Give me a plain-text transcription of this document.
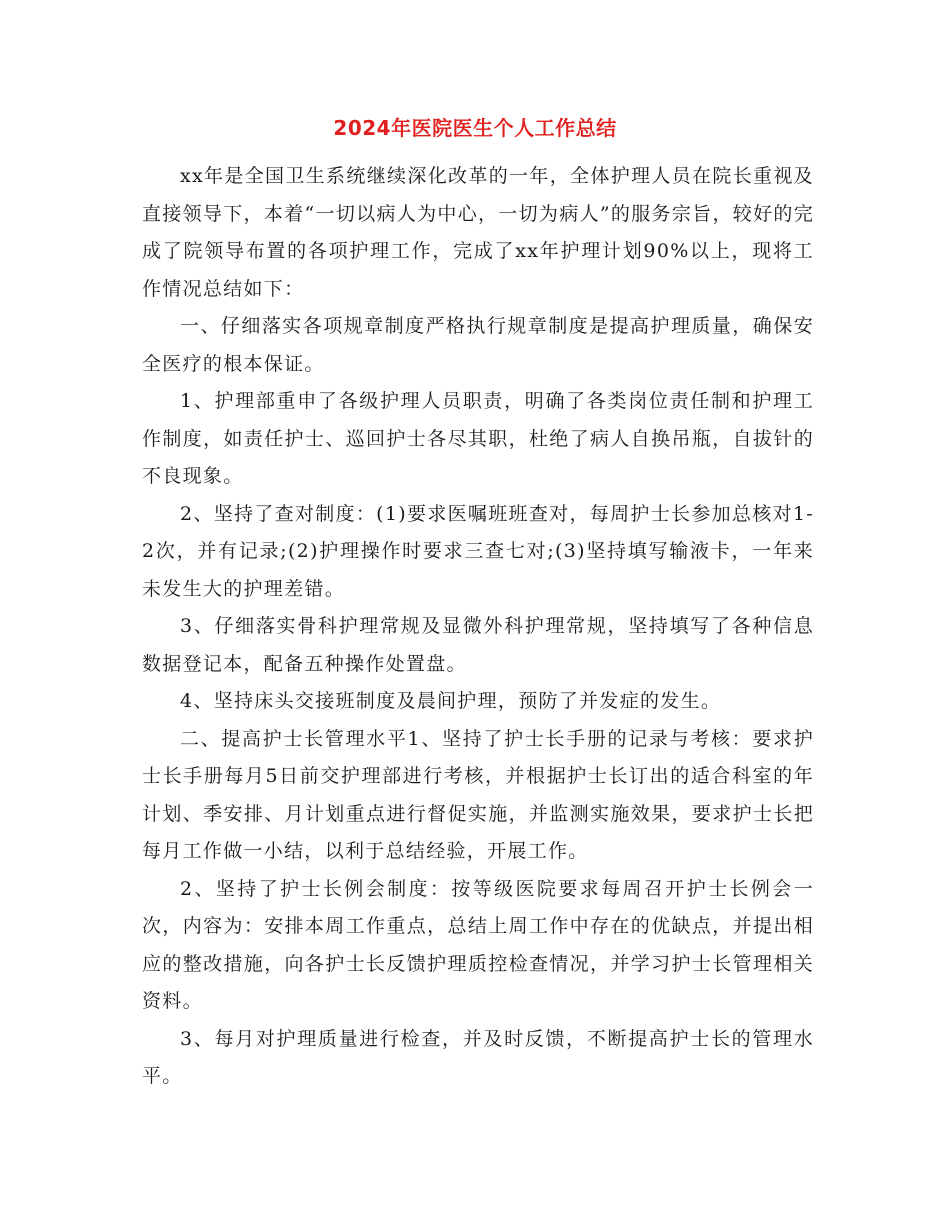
2024年医院医生个人工作总结

xx年是全国卫生系统继续深化改革的一年，全体护理人员在院长重视及直接领导下，本着“一切以病人为中心，一切为病人”的服务宗旨，较好的完成了院领导布置的各项护理工作，完成了xx年护理计划90%以上，现将工作情况总结如下：

一、仔细落实各项规章制度严格执行规章制度是提高护理质量，确保安全医疗的根本保证。

1、护理部重申了各级护理人员职责，明确了各类岗位责任制和护理工作制度，如责任护士、巡回护士各尽其职，杜绝了病人自换吊瓶，自拔针的不良现象。

2、坚持了查对制度：(1)要求医嘱班班查对，每周护士长参加总核对1-2次，并有记录;(2)护理操作时要求三查七对;(3)坚持填写输液卡，一年来未发生大的护理差错。

3、仔细落实骨科护理常规及显微外科护理常规，坚持填写了各种信息数据登记本，配备五种操作处置盘。

4、坚持床头交接班制度及晨间护理，预防了并发症的发生。

二、提高护士长管理水平1、坚持了护士长手册的记录与考核：要求护士长手册每月5日前交护理部进行考核，并根据护士长订出的适合科室的年计划、季安排、月计划重点进行督促实施，并监测实施效果，要求护士长把每月工作做一小结，以利于总结经验，开展工作。

2、坚持了护士长例会制度：按等级医院要求每周召开护士长例会一次，内容为：安排本周工作重点，总结上周工作中存在的优缺点，并提出相应的整改措施，向各护士长反馈护理质控检查情况，并学习护士长管理相关资料。

3、每月对护理质量进行检查，并及时反馈，不断提高护士长的管理水平。
